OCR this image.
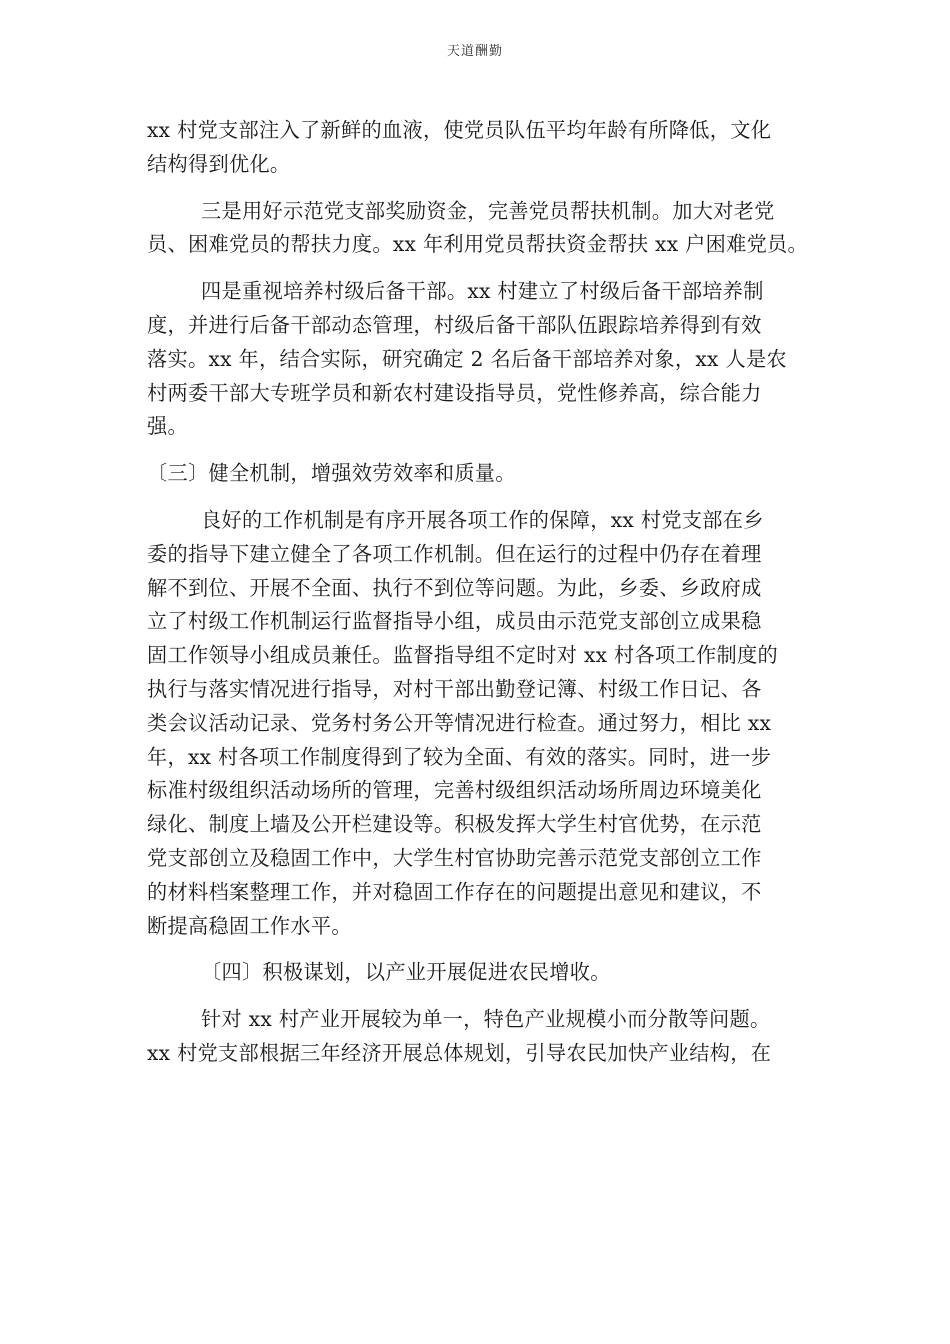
天道酬勤
xx 村党支部注入了新鲜的血液，使党员队伍平均年龄有所降低，文化
结构得到优化。
三是用好示范党支部奖励资金，完善党员帮扶机制。加大对老党
员、困难党员的帮扶力度。xx 年利用党员帮扶资金帮扶 xx 户困难党员。
四是重视培养村级后备干部。xx 村建立了村级后备干部培养制
度，并进行后备干部动态管理，村级后备干部队伍跟踪培养得到有效
落实。xx 年，结合实际，研究确定 2 名后备干部培养对象，xx 人是农
村两委干部大专班学员和新农村建设指导员，党性修养高，综合能力
强。
〔三〕健全机制，增强效劳效率和质量。
良好的工作机制是有序开展各项工作的保障，xx 村党支部在乡
委的指导下建立健全了各项工作机制。但在运行的过程中仍存在着理
解不到位、开展不全面、执行不到位等问题。为此，乡委、乡政府成
立了村级工作机制运行监督指导小组，成员由示范党支部创立成果稳
固工作领导小组成员兼任。监督指导组不定时对 xx 村各项工作制度的
执行与落实情况进行指导，对村干部出勤登记簿、村级工作日记、各
类会议活动记录、党务村务公开等情况进行检查。通过努力，相比 xx
年，xx 村各项工作制度得到了较为全面、有效的落实。同时，进一步
标准村级组织活动场所的管理，完善村级组织活动场所周边环境美化
绿化、制度上墙及公开栏建设等。积极发挥大学生村官优势，在示范
党支部创立及稳固工作中，大学生村官协助完善示范党支部创立工作
的材料档案整理工作，并对稳固工作存在的问题提出意见和建议，不
断提高稳固工作水平。
〔四〕积极谋划，以产业开展促进农民增收。
针对 xx 村产业开展较为单一，特色产业规模小而分散等问题。
xx 村党支部根据三年经济开展总体规划，引导农民加快产业结构，在
